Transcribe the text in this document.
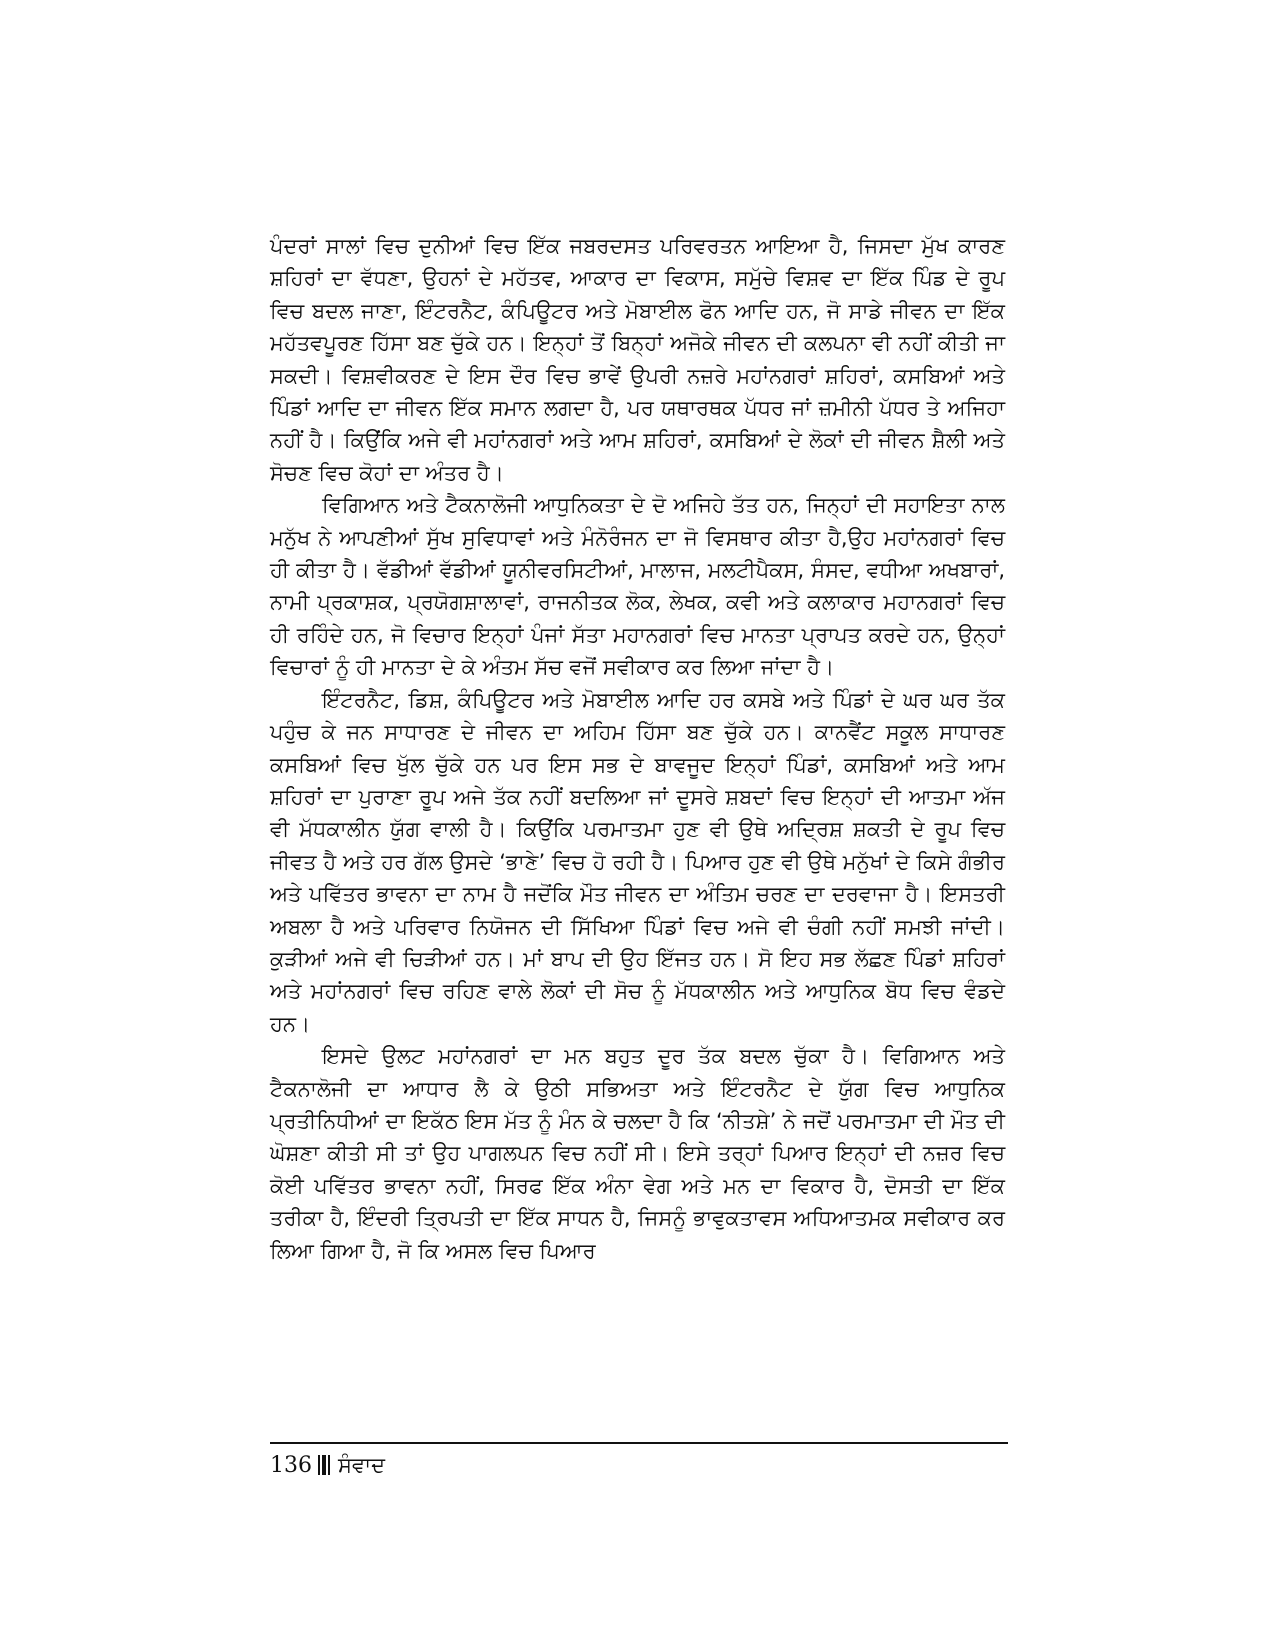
ਪੰਦਰਾਂ ਸਾਲਾਂ ਵਿਚ ਦੁਨੀਆਂ ਵਿਚ ਇੱਕ ਜਬਰਦਸਤ ਪਰਿਵਰਤਨ ਆਇਆ ਹੈ, ਜਿਸਦਾ ਮੁੱਖ ਕਾਰਣ ਸ਼ਹਿਰਾਂ ਦਾ ਵੱਧਣਾ, ਉਹਨਾਂ ਦੇ ਮਹੱਤਵ, ਆਕਾਰ ਦਾ ਵਿਕਾਸ, ਸਮੁੱਚੇ ਵਿਸ਼ਵ ਦਾ ਇੱਕ ਪਿੰਡ ਦੇ ਰੂਪ ਵਿਚ ਬਦਲ ਜਾਣਾ, ਇੰਟਰਨੈਟ, ਕੰਪਿਊਟਰ ਅਤੇ ਮੋਬਾਈਲ ਫੋਨ ਆਦਿ ਹਨ, ਜੋ ਸਾਡੇ ਜੀਵਨ ਦਾ ਇੱਕ ਮਹੱਤਵਪੂਰਣ ਹਿੱਸਾ ਬਣ ਚੁੱਕੇ ਹਨ। ਇਨ੍ਹਾਂ ਤੋਂ ਬਿਨ੍ਹਾਂ ਅਜੋਕੇ ਜੀਵਨ ਦੀ ਕਲਪਨਾ ਵੀ ਨਹੀਂ ਕੀਤੀ ਜਾ ਸਕਦੀ। ਵਿਸ਼ਵੀਕਰਣ ਦੇ ਇਸ ਦੌਰ ਵਿਚ ਭਾਵੇਂ ਉਪਰੀ ਨਜ਼ਰੇ ਮਹਾਂਨਗਰਾਂ ਸ਼ਹਿਰਾਂ, ਕਸਬਿਆਂ ਅਤੇ ਪਿੰਡਾਂ ਆਦਿ ਦਾ ਜੀਵਨ ਇੱਕ ਸਮਾਨ ਲਗਦਾ ਹੈ, ਪਰ ਯਥਾਰਥਕ ਪੱਧਰ ਜਾਂ ਜ਼ਮੀਨੀ ਪੱਧਰ ਤੇ ਅਜਿਹਾ ਨਹੀਂ ਹੈ। ਕਿਉਂਕਿ ਅਜੇ ਵੀ ਮਹਾਂਨਗਰਾਂ ਅਤੇ ਆਮ ਸ਼ਹਿਰਾਂ, ਕਸਬਿਆਂ ਦੇ ਲੋਕਾਂ ਦੀ ਜੀਵਨ ਸ਼ੈਲੀ ਅਤੇ ਸੋਚਣ ਵਿਚ ਕੋਹਾਂ ਦਾ ਅੰਤਰ ਹੈ।

ਵਿਗਿਆਨ ਅਤੇ ਟੈਕਨਾਲੋਜੀ ਆਧੁਨਿਕਤਾ ਦੇ ਦੋ ਅਜਿਹੇ ਤੱਤ ਹਨ, ਜਿਨ੍ਹਾਂ ਦੀ ਸਹਾਇਤਾ ਨਾਲ ਮਨੁੱਖ ਨੇ ਆਪਣੀਆਂ ਸੁੱਖ ਸੁਵਿਧਾਵਾਂ ਅਤੇ ਮੰਨੋਰੰਜਨ ਦਾ ਜੋ ਵਿਸਥਾਰ ਕੀਤਾ ਹੈ,ਉਹ ਮਹਾਂਨਗਰਾਂ ਵਿਚ ਹੀ ਕੀਤਾ ਹੈ। ਵੱਡੀਆਂ ਵੱਡੀਆਂ ਯੂਨੀਵਰਸਿਟੀਆਂ, ਮਾਲਾਜ, ਮਲਟੀਪੈਕਸ, ਸੰਸਦ, ਵਧੀਆ ਅਖਬਾਰਾਂ, ਨਾਮੀ ਪ੍ਰਕਾਸ਼ਕ, ਪ੍ਰਯੋਗਸ਼ਾਲਾਵਾਂ, ਰਾਜਨੀਤਕ ਲੋਕ, ਲੇਖਕ, ਕਵੀ ਅਤੇ ਕਲਾਕਾਰ ਮਹਾਨਗਰਾਂ ਵਿਚ ਹੀ ਰਹਿੰਦੇ ਹਨ, ਜੋ ਵਿਚਾਰ ਇਨ੍ਹਾਂ ਪੰਜਾਂ ਸੱਤਾ ਮਹਾਨਗਰਾਂ ਵਿਚ ਮਾਨਤਾ ਪ੍ਰਾਪਤ ਕਰਦੇ ਹਨ, ਉਨ੍ਹਾਂ ਵਿਚਾਰਾਂ ਨੂੰ ਹੀ ਮਾਨਤਾ ਦੇ ਕੇ ਅੰਤਮ ਸੱਚ ਵਜੋਂ ਸਵੀਕਾਰ ਕਰ ਲਿਆ ਜਾਂਦਾ ਹੈ।

ਇੰਟਰਨੈਟ, ਡਿਸ਼, ਕੰਪਿਊਟਰ ਅਤੇ ਮੋਬਾਈਲ ਆਦਿ ਹਰ ਕਸਬੇ ਅਤੇ ਪਿੰਡਾਂ ਦੇ ਘਰ ਘਰ ਤੱਕ ਪਹੁੰਚ ਕੇ ਜਨ ਸਾਧਾਰਣ ਦੇ ਜੀਵਨ ਦਾ ਅਹਿਮ ਹਿੱਸਾ ਬਣ ਚੁੱਕੇ ਹਨ। ਕਾਨਵੈਂਟ ਸਕੂਲ ਸਾਧਾਰਣ ਕਸਬਿਆਂ ਵਿਚ ਖੁੱਲ ਚੁੱਕੇ ਹਨ ਪਰ ਇਸ ਸਭ ਦੇ ਬਾਵਜੂਦ ਇਨ੍ਹਾਂ ਪਿੰਡਾਂ, ਕਸਬਿਆਂ ਅਤੇ ਆਮ ਸ਼ਹਿਰਾਂ ਦਾ ਪੁਰਾਣਾ ਰੂਪ ਅਜੇ ਤੱਕ ਨਹੀਂ ਬਦਲਿਆ ਜਾਂ ਦੂਸਰੇ ਸ਼ਬਦਾਂ ਵਿਚ ਇਨ੍ਹਾਂ ਦੀ ਆਤਮਾ ਅੱਜ ਵੀ ਮੱਧਕਾਲੀਨ ਯੁੱਗ ਵਾਲੀ ਹੈ। ਕਿਉਂਕਿ ਪਰਮਾਤਮਾ ਹੁਣ ਵੀ ਉਥੇ ਅਦ੍ਰਿਸ਼ ਸ਼ਕਤੀ ਦੇ ਰੂਪ ਵਿਚ ਜੀਵਤ ਹੈ ਅਤੇ ਹਰ ਗੱਲ ਉਸਦੇ ‘ਭਾਣੇ’ ਵਿਚ ਹੋ ਰਹੀ ਹੈ। ਪਿਆਰ ਹੁਣ ਵੀ ਉਥੇ ਮਨੁੱਖਾਂ ਦੇ ਕਿਸੇ ਗੰਭੀਰ ਅਤੇ ਪਵਿੱਤਰ ਭਾਵਨਾ ਦਾ ਨਾਮ ਹੈ ਜਦੋਂਕਿ ਮੌਤ ਜੀਵਨ ਦਾ ਅੰਤਿਮ ਚਰਣ ਦਾ ਦਰਵਾਜਾ ਹੈ। ਇਸਤਰੀ ਅਬਲਾ ਹੈ ਅਤੇ ਪਰਿਵਾਰ ਨਿਯੋਜਨ ਦੀ ਸਿੱਖਿਆ ਪਿੰਡਾਂ ਵਿਚ ਅਜੇ ਵੀ ਚੰਗੀ ਨਹੀਂ ਸਮਝੀ ਜਾਂਦੀ। ਕੁੜੀਆਂ ਅਜੇ ਵੀ ਚਿੜੀਆਂ ਹਨ। ਮਾਂ ਬਾਪ ਦੀ ਉਹ ਇੱਜਤ ਹਨ। ਸੋ ਇਹ ਸਭ ਲੱਛਣ ਪਿੰਡਾਂ ਸ਼ਹਿਰਾਂ ਅਤੇ ਮਹਾਂਨਗਰਾਂ ਵਿਚ ਰਹਿਣ ਵਾਲੇ ਲੋਕਾਂ ਦੀ ਸੋਚ ਨੂੰ ਮੱਧਕਾਲੀਨ ਅਤੇ ਆਧੁਨਿਕ ਬੋਧ ਵਿਚ ਵੰਡਦੇ ਹਨ।

ਇਸਦੇ ਉਲਟ ਮਹਾਂਨਗਰਾਂ ਦਾ ਮਨ ਬਹੁਤ ਦੂਰ ਤੱਕ ਬਦਲ ਚੁੱਕਾ ਹੈ। ਵਿਗਿਆਨ ਅਤੇ ਟੈਕਨਾਲੋਜੀ ਦਾ ਆਧਾਰ ਲੈ ਕੇ ਉਠੀ ਸਭਿਅਤਾ ਅਤੇ ਇੰਟਰਨੈਟ ਦੇ ਯੁੱਗ ਵਿਚ ਆਧੁਨਿਕ ਪ੍ਰਤੀਨਿਧੀਆਂ ਦਾ ਇਕੱਠ ਇਸ ਮੱਤ ਨੂੰ ਮੰਨ ਕੇ ਚਲਦਾ ਹੈ ਕਿ ‘ਨੀਤਸ਼ੇ’ ਨੇ ਜਦੋਂ ਪਰਮਾਤਮਾ ਦੀ ਮੌਤ ਦੀ ਘੋਸ਼ਣਾ ਕੀਤੀ ਸੀ ਤਾਂ ਉਹ ਪਾਗਲਪਨ ਵਿਚ ਨਹੀਂ ਸੀ। ਇਸੇ ਤਰ੍ਹਾਂ ਪਿਆਰ ਇਨ੍ਹਾਂ ਦੀ ਨਜ਼ਰ ਵਿਚ ਕੋਈ ਪਵਿੱਤਰ ਭਾਵਨਾ ਨਹੀਂ, ਸਿਰਫ ਇੱਕ ਅੰਨਾ ਵੇਗ ਅਤੇ ਮਨ ਦਾ ਵਿਕਾਰ ਹੈ, ਦੋਸਤੀ ਦਾ ਇੱਕ ਤਰੀਕਾ ਹੈ, ਇੰਦਰੀ ਤ੍ਰਿਪਤੀ ਦਾ ਇੱਕ ਸਾਧਨ ਹੈ, ਜਿਸਨੂੰ ਭਾਵੁਕਤਾਵਸ ਅਧਿਆਤਮਕ ਸਵੀਕਾਰ ਕਰ ਲਿਆ ਗਿਆ ਹੈ, ਜੋ ਕਿ ਅਸਲ ਵਿਚ ਪਿਆਰ

136 ਸੰਵਾਦ
